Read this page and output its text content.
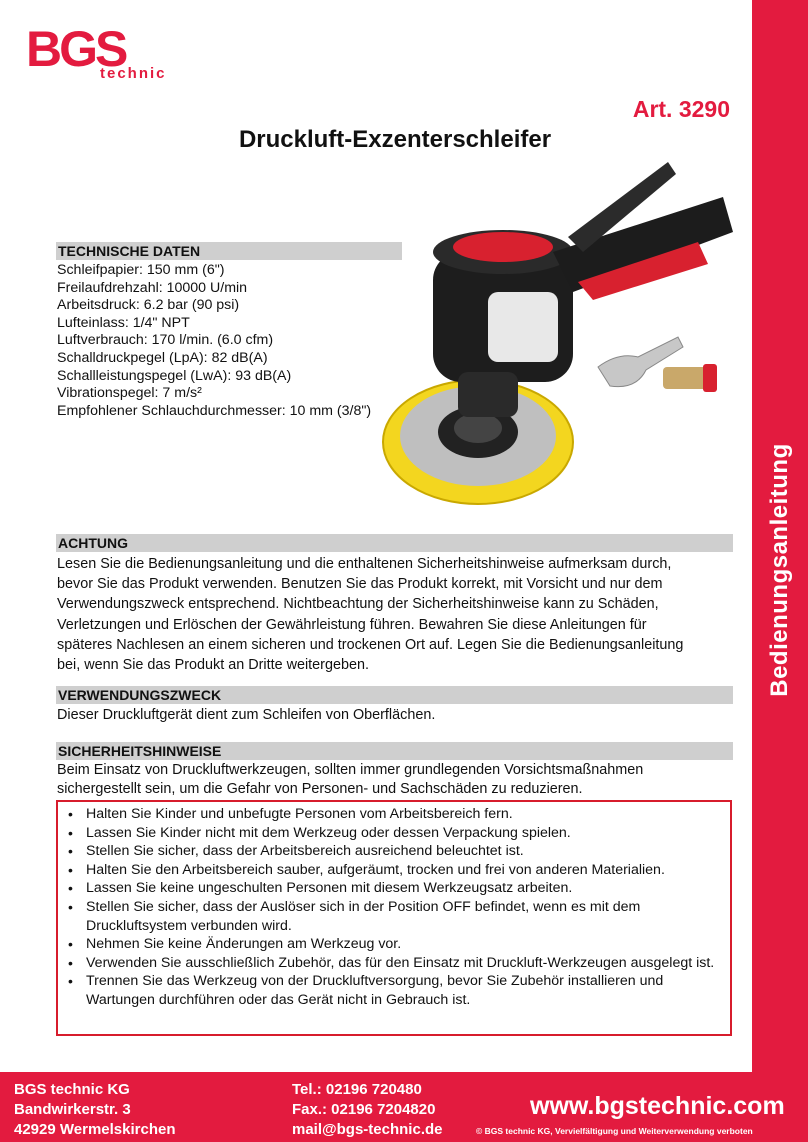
Bedienungsanleitung
BGS
technic
Art. 3290
Druckluft-Exzenterschleifer
TECHNISCHE DATEN
Schleifpapier: 150 mm (6")
Freilaufdrehzahl: 10000 U/min
Arbeitsdruck: 6.2 bar (90 psi)
Lufteinlass: 1/4" NPT
Luftverbrauch: 170 l/min. (6.0 cfm)
Schalldruckpegel (LpA): 82 dB(A)
Schallleistungspegel (LwA): 93 dB(A)
Vibrationspegel: 7 m/s²
Empfohlener Schlauchdurchmesser: 10 mm (3/8")
ACHTUNG
Lesen Sie die Bedienungsanleitung und die enthaltenen Sicherheitshinweise aufmerksam durch,
bevor Sie das Produkt verwenden. Benutzen Sie das Produkt korrekt, mit Vorsicht und nur dem
Verwendungszweck entsprechend. Nichtbeachtung der Sicherheitshinweise kann zu Schäden,
Verletzungen und Erlöschen der Gewährleistung führen. Bewahren Sie diese Anleitungen für
späteres Nachlesen an einem sicheren und trockenen Ort auf. Legen Sie die Bedienungsanleitung
bei, wenn Sie das Produkt an Dritte weitergeben.
VERWENDUNGSZWECK
Dieser Druckluftgerät dient zum Schleifen von Oberflächen.
SICHERHEITSHINWEISE
Beim Einsatz von Druckluftwerkzeugen, sollten immer grundlegenden Vorsichtsmaßnahmen
sichergestellt sein, um die Gefahr von Personen- und Sachschäden zu reduzieren.
• Halten Sie Kinder und unbefugte Personen vom Arbeitsbereich fern.
• Lassen Sie Kinder nicht mit dem Werkzeug oder dessen Verpackung spielen.
• Stellen Sie sicher, dass der Arbeitsbereich ausreichend beleuchtet ist.
• Halten Sie den Arbeitsbereich sauber, aufgeräumt, trocken und frei von anderen Materialien.
• Lassen Sie keine ungeschulten Personen mit diesem Werkzeugsatz arbeiten.
• Stellen Sie sicher, dass der Auslöser sich in der Position OFF befindet, wenn es mit dem Druckluftsystem verbunden wird.
• Nehmen Sie keine Änderungen am Werkzeug vor.
• Verwenden Sie ausschließlich Zubehör, das für den Einsatz mit Druckluft-Werkzeugen ausgelegt ist.
• Trennen Sie das Werkzeug von der Druckluftversorgung, bevor Sie Zubehör installieren und Wartungen durchführen oder das Gerät nicht in Gebrauch ist.
BGS technic KG
Bandwirkerstr. 3
42929 Wermelskirchen
Tel.: 02196 720480
Fax.: 02196 7204820
mail@bgs-technic.de
www.bgstechnic.com
© BGS technic KG, Vervielfältigung und Weiterverwendung verboten
